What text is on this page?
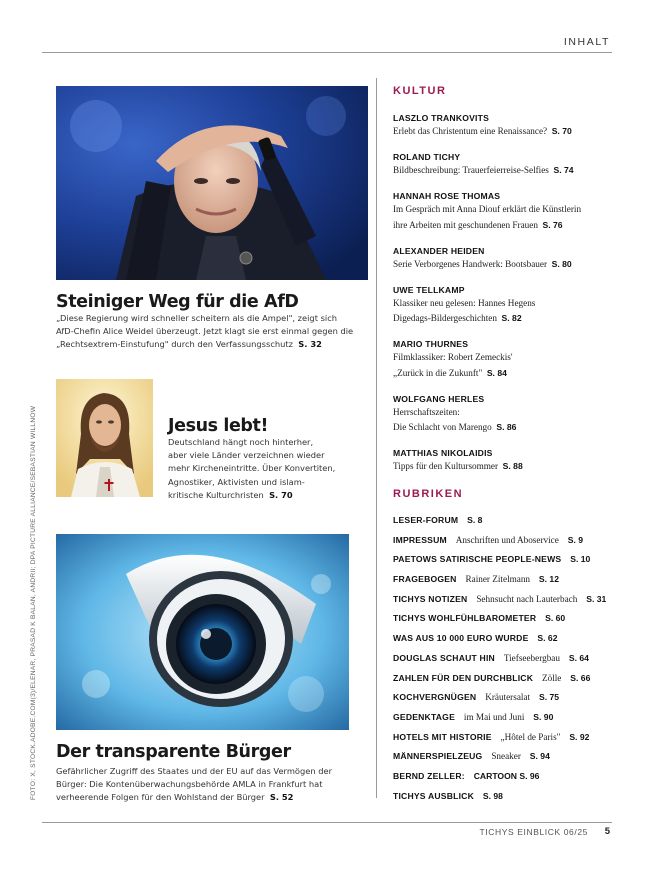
INHALT
FOTO: X, STOCK.ADOBE.COM(3)/ELENAR, PRASAD K BALAN, ANDRII; DPA PICTURE ALLIANCE/SEBASTIAN WILLNOW
Steiniger Weg für die AfD
„Diese Regierung wird schneller scheitern als die Ampel", zeigt sich
AfD-Chefin Alice Weidel überzeugt. Jetzt klagt sie erst einmal gegen die
„Rechtsextrem-Einstufung" durch den Verfassungsschutz S. 32
Jesus lebt!
Deutschland hängt noch hinterher,
aber viele Länder verzeichnen wieder
mehr Kircheneintritte. Über Konvertiten,
Agnostiker, Aktivisten und islam-
kritische Kulturchristen S. 70
Der transparente Bürger
Gefährlicher Zugriff des Staates und der EU auf das Vermögen der
Bürger: Die Kontenüberwachungsbehörde AMLA in Frankfurt hat
verheerende Folgen für den Wohlstand der Bürger S. 52
KULTUR
LASZLO TRANKOVITS
Erlebt das Christentum eine Renaissance? S. 70
ROLAND TICHY
Bildbeschreibung: Trauerfeierreise-Selfies S. 74
HANNAH ROSE THOMAS
Im Gespräch mit Anna Diouf erklärt die Künstlerin
ihre Arbeiten mit geschundenen Frauen S. 76
ALEXANDER HEIDEN
Serie Verborgenes Handwerk: Bootsbauer S. 80
UWE TELLKAMP
Klassiker neu gelesen: Hannes Hegens
Digedags-Bildergeschichten S. 82
MARIO THURNES
Filmklassiker: Robert Zemeckis'
„Zurück in die Zukunft" S. 84
WOLFGANG HERLES
Herrschaftszeiten:
Die Schlacht von Marengo S. 86
MATTHIAS NIKOLAIDIS
Tipps für den Kultursommer S. 88
RUBRIKEN
LESER-FORUM S. 8
IMPRESSUM Anschriften und Aboservice S. 9
PAETOWS SATIRISCHE PEOPLE-NEWS S. 10
FRAGEBOGEN Rainer Zitelmann S. 12
TICHYS NOTIZEN Sehnsucht nach Lauterbach S. 31
TICHYS WOHLFÜHLBAROMETER S. 60
WAS AUS 10 000 EURO WURDE S. 62
DOUGLAS SCHAUT HIN Tiefseebergbau S. 64
ZAHLEN FÜR DEN DURCHBLICK Zölle S. 66
KOCHVERGNÜGEN Kräutersalat S. 75
GEDENKTAGE im Mai und Juni S. 90
HOTELS MIT HISTORIE „Hôtel de Paris" S. 92
MÄNNERSPIELZEUG Sneaker S. 94
BERND ZELLER: CARTOON S. 96
TICHYS AUSBLICK S. 98
TICHYS EINBLICK 06/25 5
